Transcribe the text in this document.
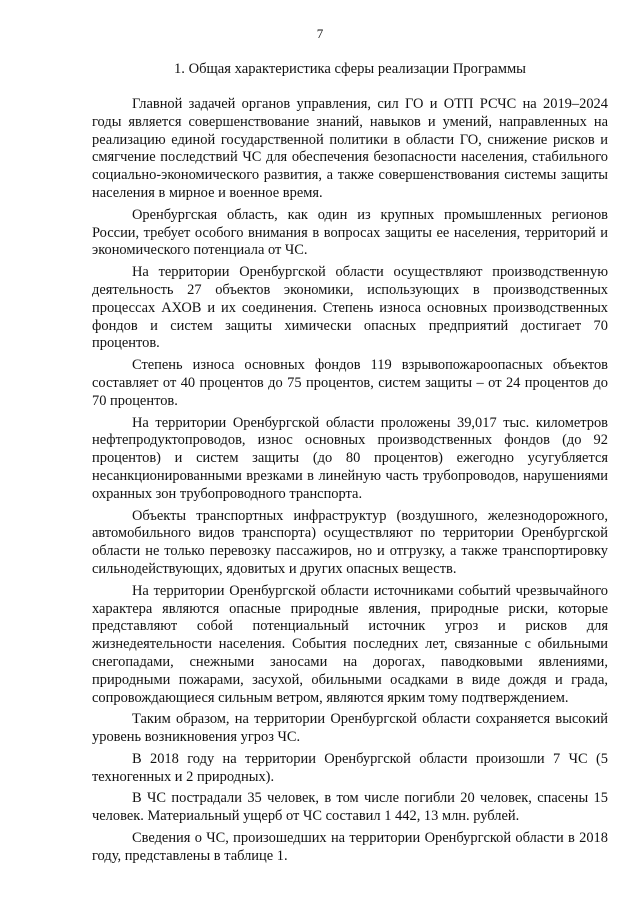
7
1. Общая характеристика сферы реализации Программы

Главной задачей органов управления, сил ГО и ОТП РСЧС на 2019–2024 годы является совершенствование знаний, навыков и умений, направленных на реализацию единой государственной политики в области ГО, снижение рисков и смягчение последствий ЧС для обеспечения безопасности населения, стабильного социально-экономического развития, а также совершенствования системы защиты населения в мирное и военное время.

Оренбургская область, как один из крупных промышленных регионов России, требует особого внимания в вопросах защиты ее населения, территорий и экономического потенциала от ЧС.

На территории Оренбургской области осуществляют производственную деятельность 27 объектов экономики, использующих в производственных процессах АХОВ и их соединения. Степень износа основных производственных фондов и систем защиты химически опасных предприятий достигает 70 процентов.

Степень износа основных фондов 119 взрывопожароопасных объектов составляет от 40 процентов до 75 процентов, систем защиты – от 24 процентов до 70 процентов.

На территории Оренбургской области проложены 39,017 тыс. километров нефтепродуктопроводов, износ основных производственных фондов (до 92 процентов) и систем защиты (до 80 процентов) ежегодно усугубляется несанкционированными врезками в линейную часть трубопроводов, нарушениями охранных зон трубопроводного транспорта.

Объекты транспортных инфраструктур (воздушного, железнодорожного, автомобильного видов транспорта) осуществляют по территории Оренбургской области не только перевозку пассажиров, но и отгрузку, а также транспортировку сильнодействующих, ядовитых и других опасных веществ.

На территории Оренбургской области источниками событий чрезвычайного характера являются опасные природные явления, природные риски, которые представляют собой потенциальный источник угроз и рисков для жизнедеятельности населения. События последних лет, связанные с обильными снегопадами, снежными заносами на дорогах, паводковыми явлениями, природными пожарами, засухой, обильными осадками в виде дождя и града, сопровождающиеся сильным ветром, являются ярким тому подтверждением.

Таким образом, на территории Оренбургской области сохраняется высокий уровень возникновения угроз ЧС.

В 2018 году на территории Оренбургской области произошли 7 ЧС (5 техногенных и 2 природных).

В ЧС пострадали 35 человек, в том числе погибли 20 человек, спасены 15 человек. Материальный ущерб от ЧС составил 1 442, 13 млн. рублей.

Сведения о ЧС, произошедших на территории Оренбургской области в 2018 году, представлены в таблице 1.
